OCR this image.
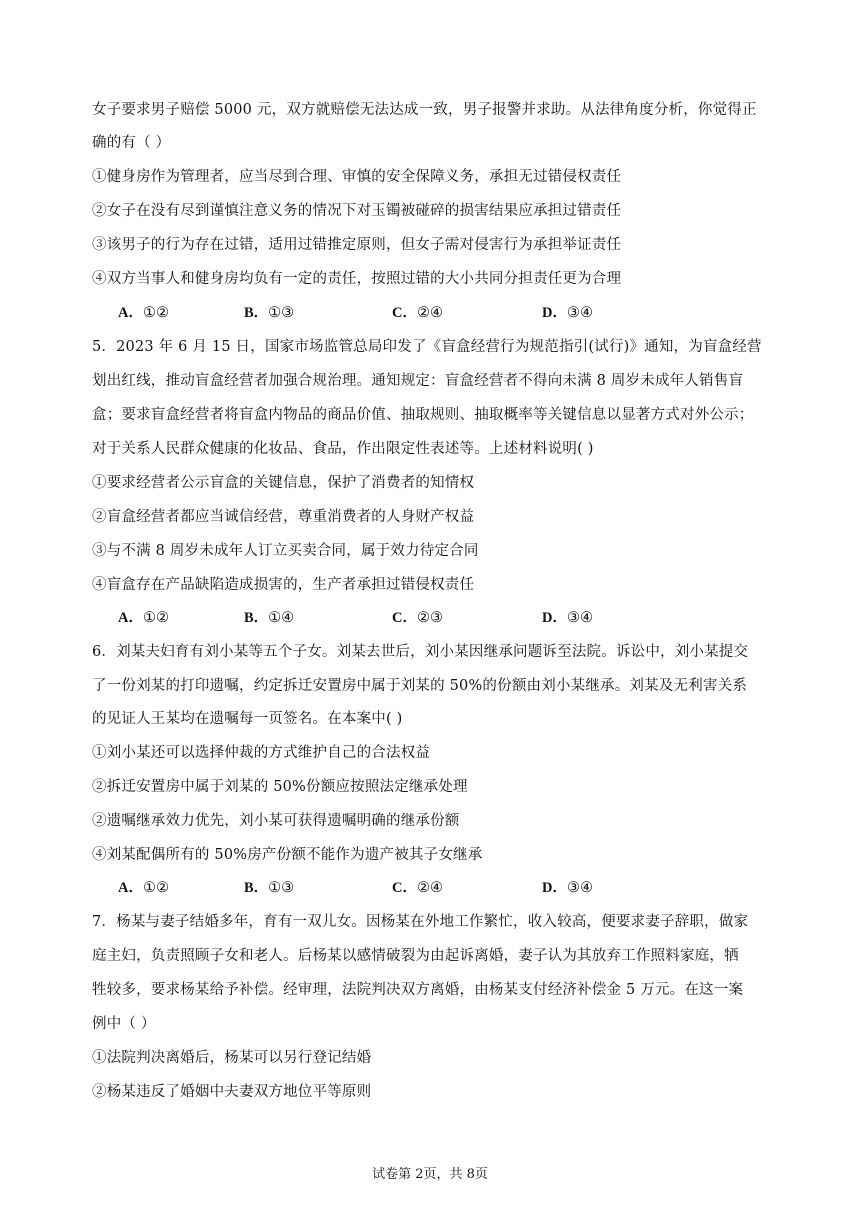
女子要求男子赔偿 5000 元，双方就赔偿无法达成一致，男子报警并求助。从法律角度分析，你觉得正
确的有（ ）
①健身房作为管理者，应当尽到合理、审慎的安全保障义务，承担无过错侵权责任
②女子在没有尽到谨慎注意义务的情况下对玉镯被碰碎的损害结果应承担过错责任
③该男子的行为存在过错，适用过错推定原则，但女子需对侵害行为承担举证责任
④双方当事人和健身房均负有一定的责任，按照过错的大小共同分担责任更为合理
A．①②	B．①③	C．②④	D．③④
5．2023 年 6 月 15 日，国家市场监管总局印发了《盲盒经营行为规范指引(试行)》通知，为盲盒经营
划出红线，推动盲盒经营者加强合规治理。通知规定：盲盒经营者不得向未满 8 周岁未成年人销售盲
盒；要求盲盒经营者将盲盒内物品的商品价值、抽取规则、抽取概率等关键信息以显著方式对外公示；
对于关系人民群众健康的化妆品、食品，作出限定性表述等。上述材料说明( )
①要求经营者公示盲盒的关键信息，保护了消费者的知情权
②盲盒经营者都应当诚信经营，尊重消费者的人身财产权益
③与不满 8 周岁未成年人订立买卖合同，属于效力待定合同
④盲盒存在产品缺陷造成损害的，生产者承担过错侵权责任
A．①②	B．①④	C．②③	D．③④
6．刘某夫妇育有刘小某等五个子女。刘某去世后，刘小某因继承问题诉至法院。诉讼中，刘小某提交
了一份刘某的打印遗嘱，约定拆迁安置房中属于刘某的 50%的份额由刘小某继承。刘某及无利害关系
的见证人王某均在遗嘱每一页签名。在本案中( )
①刘小某还可以选择仲裁的方式维护自己的合法权益
②拆迁安置房中属于刘某的 50%份额应按照法定继承处理
②遗嘱继承效力优先，刘小某可获得遗嘱明确的继承份额
④刘某配偶所有的 50%房产份额不能作为遗产被其子女继承
A．①②	B．①③	C．②④	D．③④
7．杨某与妻子结婚多年，育有一双儿女。因杨某在外地工作繁忙，收入较高，便要求妻子辞职，做家
庭主妇，负责照顾子女和老人。后杨某以感情破裂为由起诉离婚，妻子认为其放弃工作照料家庭，牺
牲较多，要求杨某给予补偿。经审理，法院判决双方离婚，由杨某支付经济补偿金 5 万元。在这一案
例中（ ）
①法院判决离婚后，杨某可以另行登记结婚
②杨某违反了婚姻中夫妻双方地位平等原则
试卷第 2页，共 8页
